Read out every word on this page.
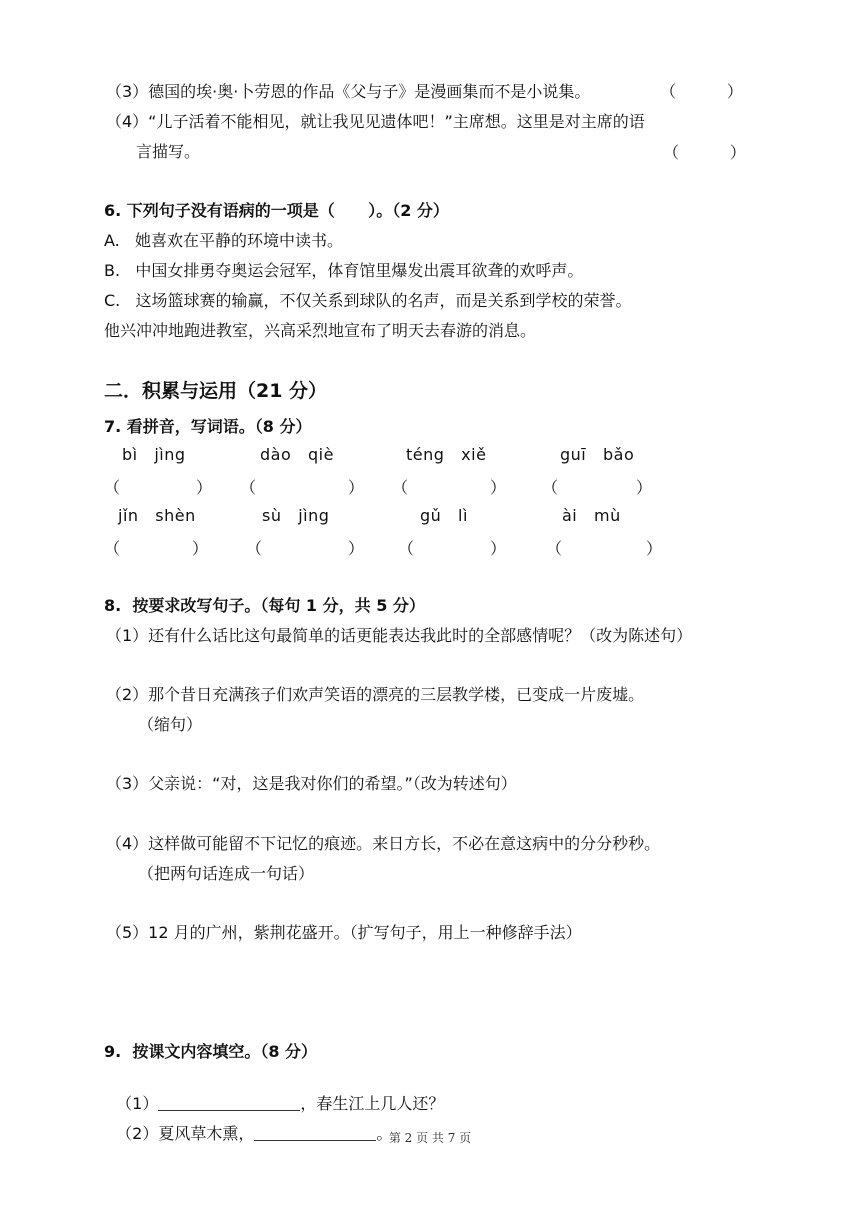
（3）德国的埃·奥·卜劳恩的作品《父与子》是漫画集而不是小说集。	（          ）
（4）“儿子活着不能相见，就让我见见遗体吧！”主席想。这里是对主席的语
言描写。	（          ）
6. 下列句子没有语病的一项是（      ）。（2 分）
A.   她喜欢在平静的环境中读书。
B.   中国女排勇夺奥运会冠军，体育馆里爆发出震耳欲聋的欢呼声。
C.   这场篮球赛的输赢，不仅关系到球队的名声，而是关系到学校的荣誉。
他兴冲冲地跑进教室，兴高采烈地宣布了明天去春游的消息。
二．积累与运用（21 分）
7. 看拼音，写词语。（8 分）
bì   jìng	dào   qiè	téng   xiě	guī   bǎo
（	） （	） （	） （	）
jǐn   shèn	sù   jìng	gǔ   lì	ài   mù
（	） （	） （	） （	）
8.  按要求改写句子。（每句 1 分，共 5 分）
（1）还有什么话比这句最简单的话更能表达我此时的全部感情呢？（改为陈述句）
（2）那个昔日充满孩子们欢声笑语的漂亮的三层教学楼，已变成一片废墟。
（缩句）
（3）父亲说：“对，这是我对你们的希望。”（改为转述句）
（4）这样做可能留不下记忆的痕迹。来日方长，不必在意这病中的分分秒秒。
（把两句话连成一句话）
（5）12 月的广州，紫荆花盛开。（扩写句子，用上一种修辞手法）
9.  按课文内容填空。（8 分）

（1）	，春生江上几人还？

（2）夏风草木熏，	。

第 2 页 共 7 页
